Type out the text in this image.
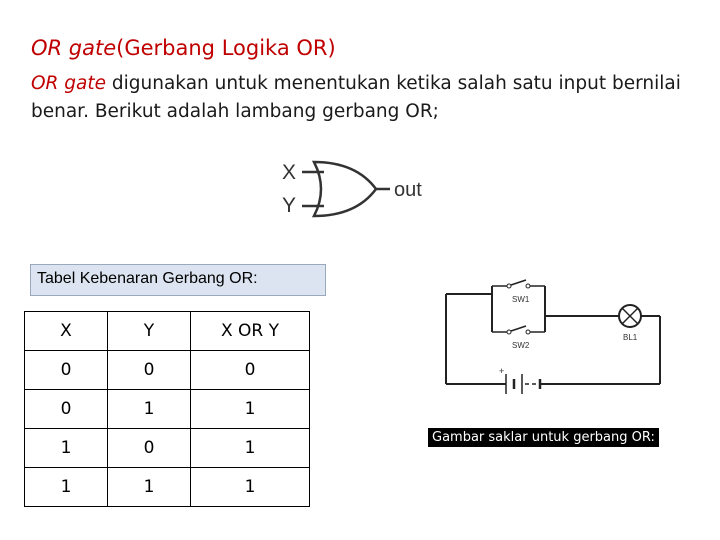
OR gate(Gerbang Logika OR)
OR gate digunakan untuk menentukan ketika salah satu input bernilai benar. Berikut adalah lambang gerbang OR;
X
Y
out
Tabel Kebenaran Gerbang OR:
X	Y	X OR Y
0	0	0
0	1	1
1	0	1
1	1	1
SW1
SW2
BL1
+
Gambar saklar untuk gerbang OR:
